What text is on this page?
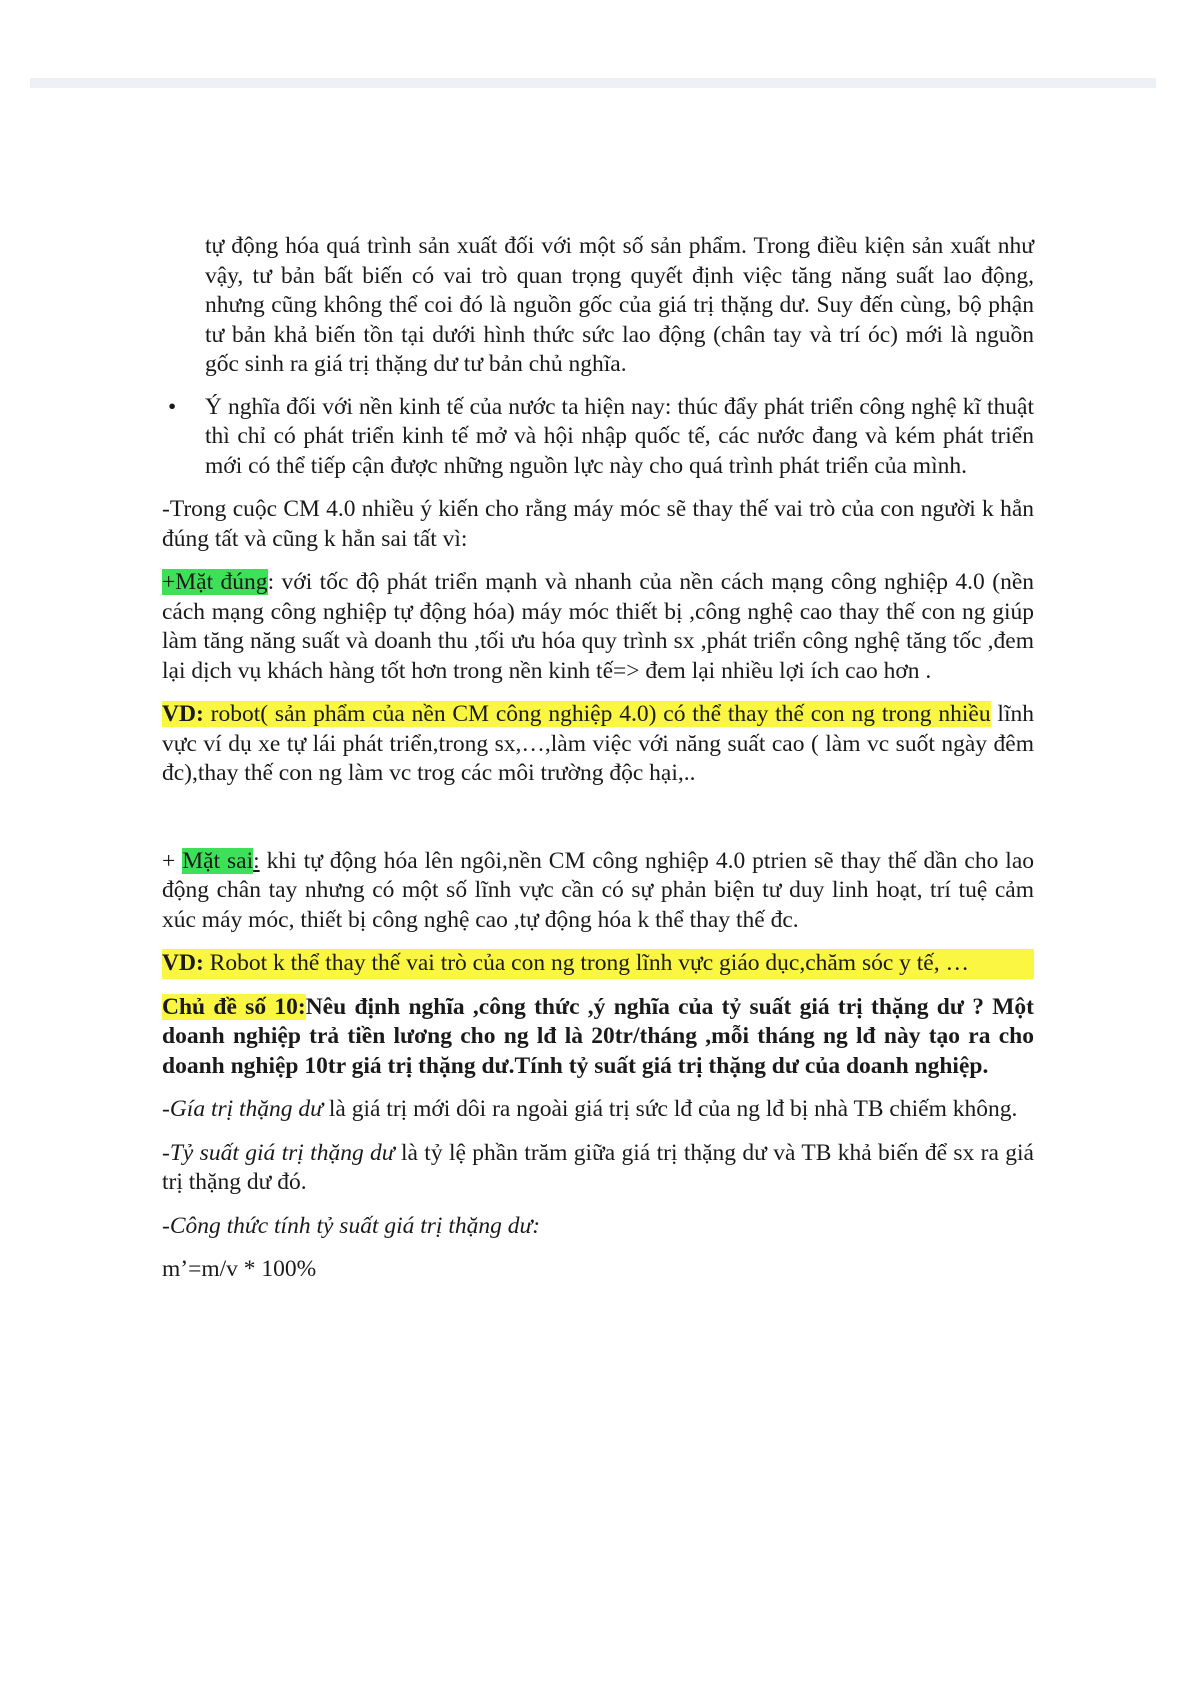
tự động hóa quá trình sản xuất đối với một số sản phẩm. Trong điều kiện sản xuất như vậy, tư bản bất biến có vai trò quan trọng quyết định việc tăng năng suất lao động, nhưng cũng không thể coi đó là nguồn gốc của giá trị thặng dư. Suy đến cùng, bộ phận tư bản khả biến tồn tại dưới hình thức sức lao động (chân tay và trí óc) mới là nguồn gốc sinh ra giá trị thặng dư tư bản chủ nghĩa.

•	Ý nghĩa đối với nền kinh tế của nước ta hiện nay: thúc đẩy phát triển công nghệ kĩ thuật thì chỉ có phát triển kinh tế mở và hội nhập quốc tế, các nước đang và kém phát triển mới có thể tiếp cận được những nguồn lực này cho quá trình phát triển của mình.

-Trong cuộc CM 4.0 nhiều ý kiến cho rằng máy móc sẽ thay thế vai trò của con người k hẳn đúng tất và cũng k hẳn sai tất vì:

+Mặt đúng: với tốc độ phát triển mạnh và nhanh của nền cách mạng công nghiệp 4.0 (nền cách mạng công nghiệp tự động hóa) máy móc thiết bị ,công nghệ cao thay thế con ng giúp làm tăng năng suất và doanh thu ,tối ưu hóa quy trình sx ,phát triển công nghệ tăng tốc ,đem lại dịch vụ khách hàng tốt hơn trong nền kinh tế=> đem lại nhiều lợi ích cao hơn .

VD: robot( sản phẩm của nền CM công nghiệp 4.0) có thể thay thế con ng trong nhiều lĩnh vực ví dụ xe tự lái phát triển,trong sx,…,làm việc với năng suất cao ( làm vc suốt ngày đêm đc),thay thế con ng làm vc trog các môi trường độc hại,..

+ Mặt sai: khi tự động hóa lên ngôi,nền CM công nghiệp 4.0 ptrien sẽ thay thế dần cho lao động chân tay nhưng có một số lĩnh vực cần có sự phản biện tư duy linh hoạt, trí tuệ cảm xúc máy móc, thiết bị công nghệ cao ,tự động hóa k thể thay thế đc.

VD: Robot k thể thay thế vai trò của con ng trong lĩnh vực giáo dục,chăm sóc y tế, …

Chủ đề số 10:Nêu định nghĩa ,công thức ,ý nghĩa của tỷ suất giá trị thặng dư ? Một doanh nghiệp trả tiền lương cho ng lđ là 20tr/tháng ,mỗi tháng ng lđ này tạo ra cho doanh nghiệp 10tr giá trị thặng dư.Tính tỷ suất giá trị thặng dư của doanh nghiệp.

-Gía trị thặng dư là giá trị mới dôi ra ngoài giá trị sức lđ của ng lđ bị nhà TB chiếm không.

-Tỷ suất giá trị thặng dư là tỷ lệ phần trăm giữa giá trị thặng dư và TB khả biến để sx ra giá trị thặng dư đó.

-Công thức tính tỷ suất giá trị thặng dư:

m’=m/v * 100%
